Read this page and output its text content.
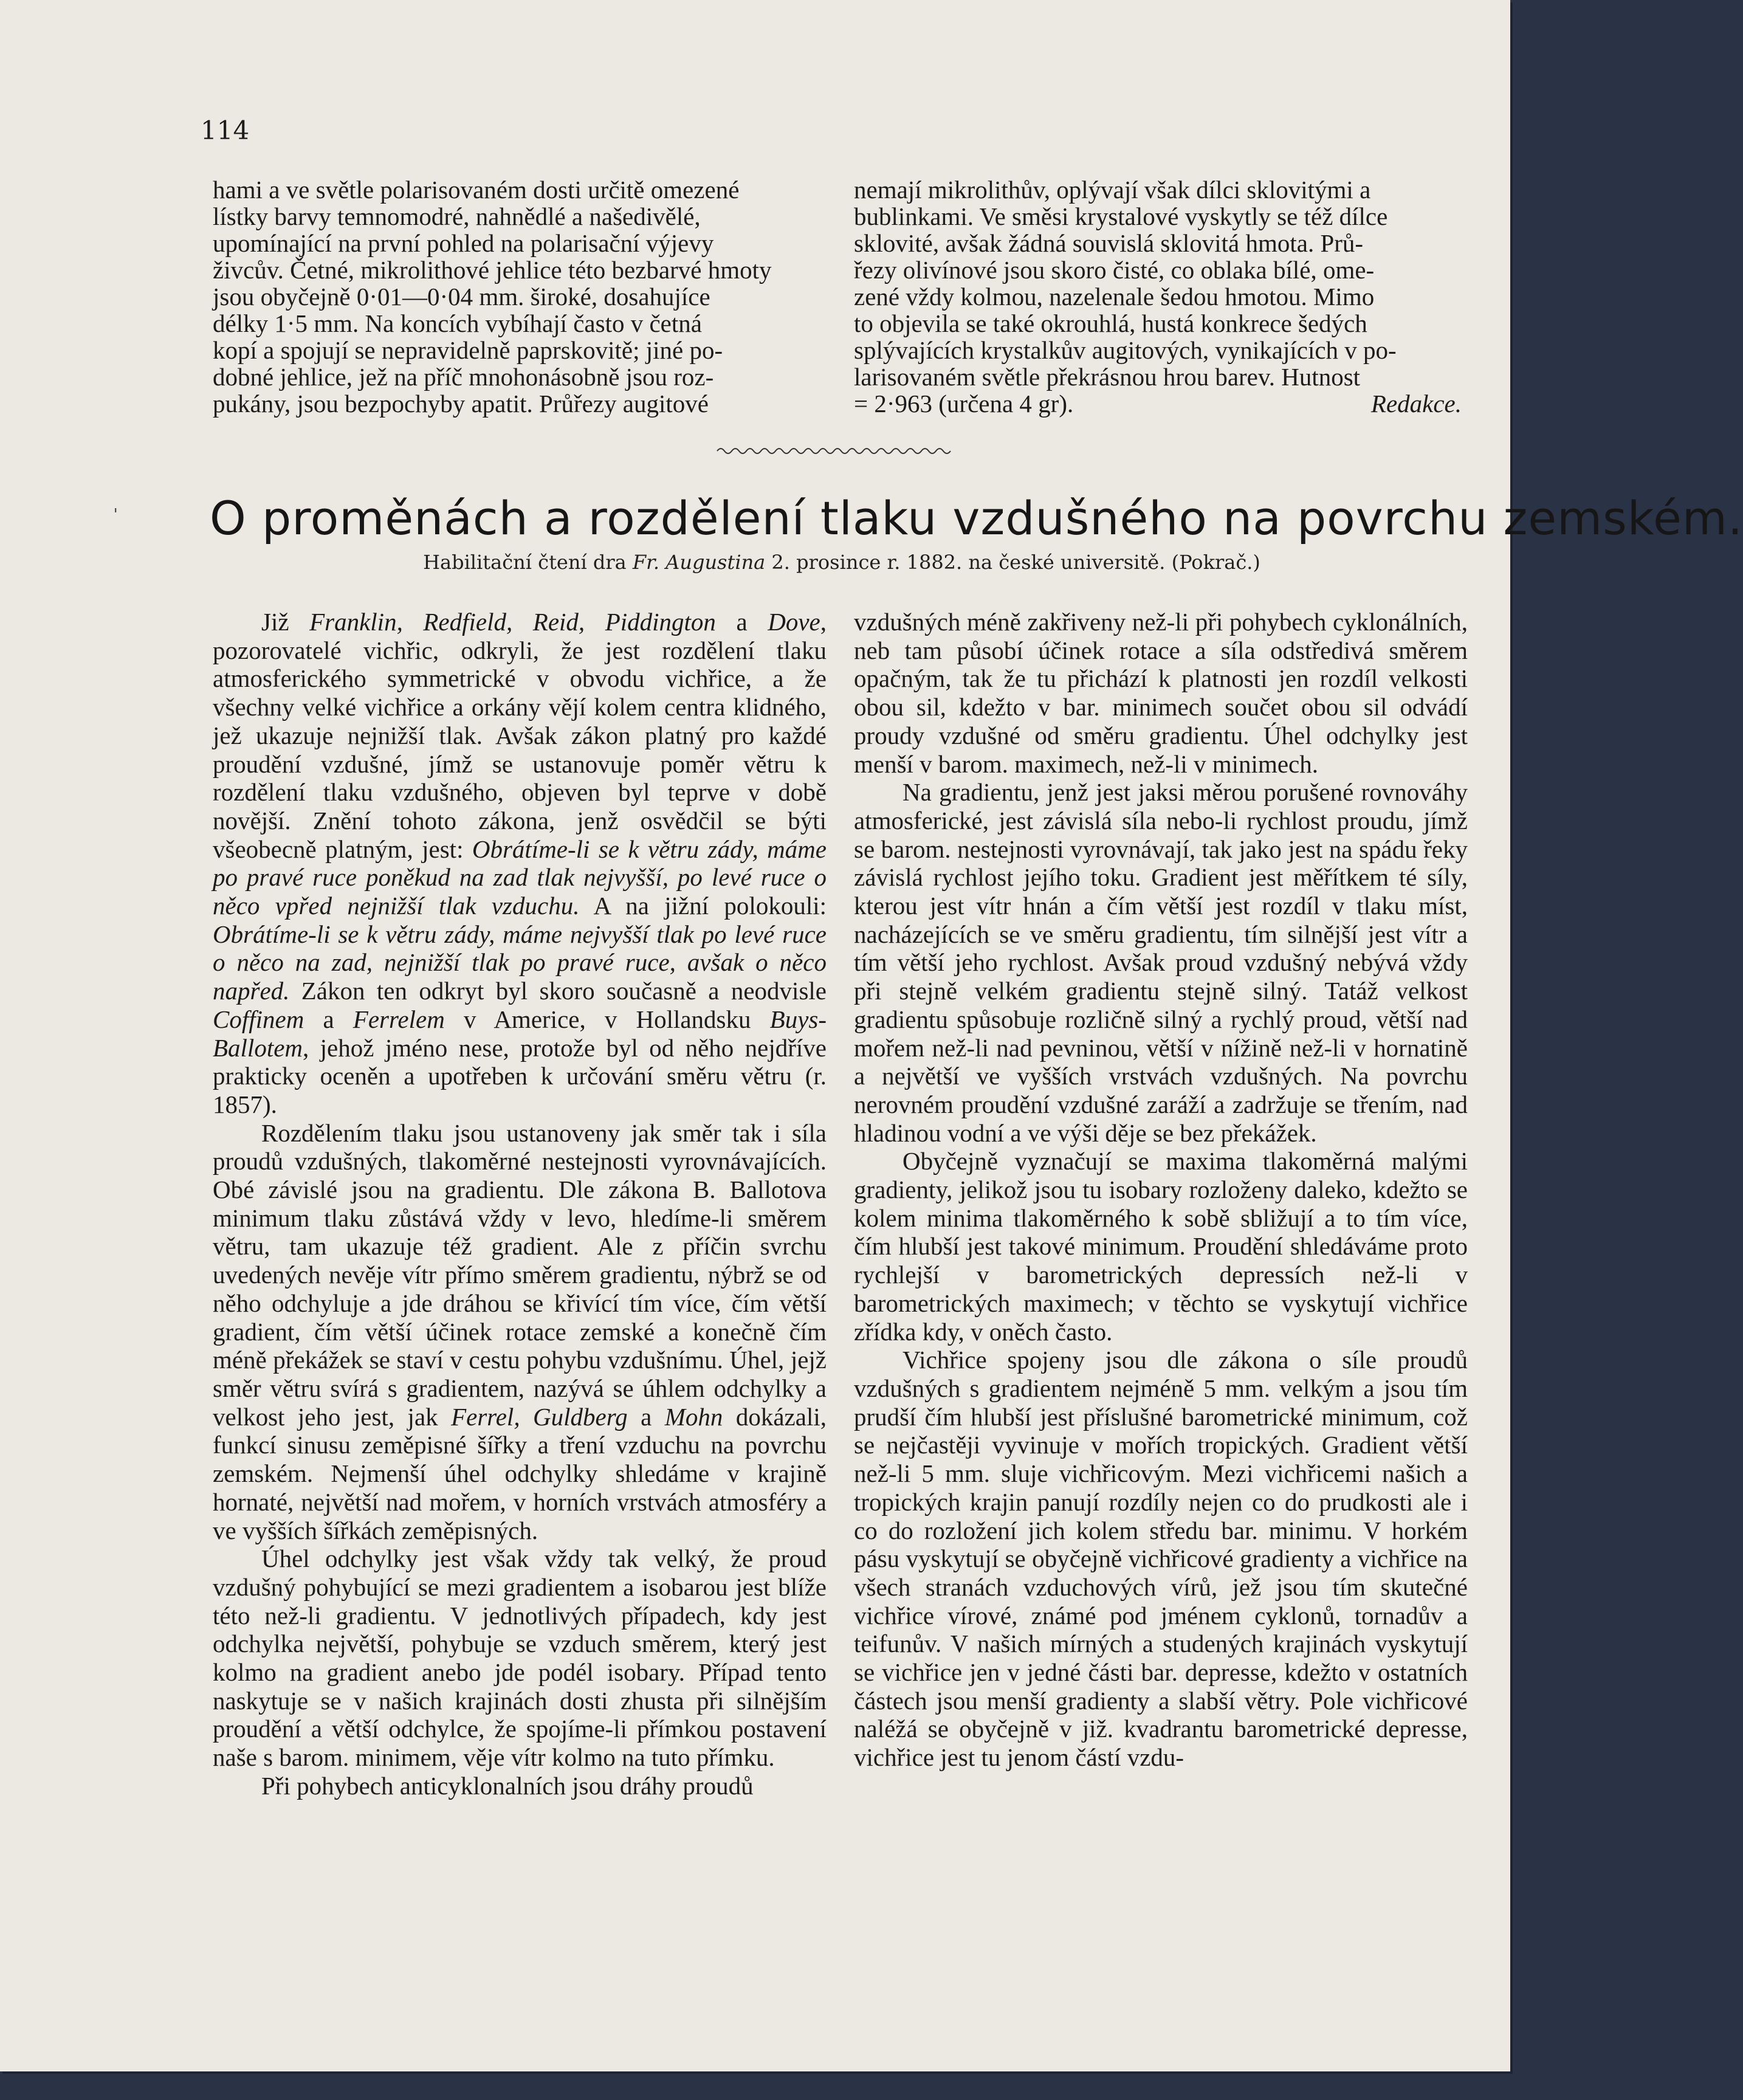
114

hami a ve světle polarisovaném dosti určitě omezené

lístky barvy temnomodré, nahnědlé a našedivělé,

upomínající na první pohled na polarisační výjevy

živcův. Četné, mikrolithové jehlice této bezbarvé hmoty

jsou obyčejně 0·01—0·04 mm. široké, dosahujíce

délky 1·5 mm. Na koncích vybíhají často v četná

kopí a spojují se nepravidelně paprskovitě; jiné po-

dobné jehlice, jež na příč mnohonásobně jsou roz-

pukány, jsou bezpochyby apatit. Průřezy augitové

nemají mikrolithův, oplývají však dílci sklovitými a

bublinkami. Ve směsi krystalové vyskytly se též dílce

sklovité, avšak žádná souvislá sklovitá hmota. Prů-

řezy olivínové jsou skoro čisté, co oblaka bílé, ome-

zené vždy kolmou, nazelenale šedou hmotou. Mimo

to objevila se také okrouhlá, hustá konkrece šedých

splývajících krystalkův augitových, vynikajících v po-

larisovaném světle překrásnou hrou barev. Hutnost

= 2·963 (určena 4 gr).	Redakce.

ˈ O proměnách a rozdělení tlaku vzdušného na povrchu zemském.
Habilitační čtení dra Fr. Augustina 2. prosince r. 1882. na české universitě. (Pokrač.)

Již Franklin, Redfield, Reid, Piddington a Dove, pozorovatelé vichřic, odkryli, že jest rozdělení tlaku atmosferického symmetrické v obvodu vichřice, a že všechny velké vichřice a orkány vějí kolem centra klidného, jež ukazuje nejnižší tlak. Avšak zákon platný pro každé proudění vzdušné, jímž se ustanovuje poměr větru k rozdělení tlaku vzdušného, objeven byl teprve v době novější. Znění tohoto zákona, jenž osvědčil se býti všeobecně platným, jest: Obrátíme-li se k větru zády, máme po pravé ruce poněkud na zad tlak nejvyšší, po levé ruce o něco vpřed nejnižší tlak vzduchu. A na jižní polokouli: Obrátíme-li se k větru zády, máme nejvyšší tlak po levé ruce o něco na zad, nejnižší tlak po pravé ruce, avšak o něco napřed. Zákon ten odkryt byl skoro současně a neodvisle Coffinem a Ferrelem v Americe, v Hollandsku Buys-Ballotem, jehož jméno nese, protože byl od něho nejdříve prakticky oceněn a upotřeben k určování směru větru (r. 1857).

Rozdělením tlaku jsou ustanoveny jak směr tak i síla proudů vzdušných, tlakoměrné nestejnosti vyrovnávajících. Obé závislé jsou na gradientu. Dle zákona B. Ballotova minimum tlaku zůstává vždy v levo, hledíme-li směrem větru, tam ukazuje též gradient. Ale z příčin svrchu uvedených nevěje vítr přímo směrem gradientu, nýbrž se od něho odchyluje a jde dráhou se křivící tím více, čím větší gradient, čím větší účinek rotace zemské a konečně čím méně překážek se staví v cestu pohybu vzdušnímu. Úhel, jejž směr větru svírá s gradientem, nazývá se úhlem odchylky a velkost jeho jest, jak Ferrel, Guldberg a Mohn dokázali, funkcí sinusu zeměpisné šířky a tření vzduchu na povrchu zemském. Nejmenší úhel odchylky shledáme v krajině hornaté, největší nad mořem, v horních vrstvách atmosféry a ve vyšších šířkách zeměpisných.

Úhel odchylky jest však vždy tak velký, že proud vzdušný pohybující se mezi gradientem a isobarou jest blíže této než-li gradientu. V jednotlivých případech, kdy jest odchylka největší, pohybuje se vzduch směrem, který jest kolmo na gradient anebo jde podél isobary. Případ tento naskytuje se v našich krajinách dosti zhusta při silnějším proudění a větší odchylce, že spojíme-li přímkou postavení naše s barom. minimem, věje vítr kolmo na tuto přímku.

Při pohybech anticyklonalních jsou dráhy proudů

vzdušných méně zakřiveny než-li při pohybech cyklonálních, neb tam působí účinek rotace a síla odstředivá směrem opačným, tak že tu přichází k platnosti jen rozdíl velkosti obou sil, kdežto v bar. minimech součet obou sil odvádí proudy vzdušné od směru gradientu. Úhel odchylky jest menší v barom. maximech, než-li v minimech.

Na gradientu, jenž jest jaksi měrou porušené rovnováhy atmosferické, jest závislá síla nebo-li rychlost proudu, jímž se barom. nestejnosti vyrovnávají, tak jako jest na spádu řeky závislá rychlost jejího toku. Gradient jest měřítkem té síly, kterou jest vítr hnán a čím větší jest rozdíl v tlaku míst, nacházejících se ve směru gradientu, tím silnější jest vítr a tím větší jeho rychlost. Avšak proud vzdušný nebývá vždy při stejně velkém gradientu stejně silný. Tatáž velkost gradientu spůsobuje rozličně silný a rychlý proud, větší nad mořem než-li nad pevninou, větší v nížině než-li v hornatině a největší ve vyšších vrstvách vzdušných. Na povrchu nerovném proudění vzdušné zaráží a zadržuje se třením, nad hladinou vodní a ve výši děje se bez překážek.

Obyčejně vyznačují se maxima tlakoměrná malými gradienty, jelikož jsou tu isobary rozloženy daleko, kdežto se kolem minima tlakoměrného k sobě sbližují a to tím více, čím hlubší jest takové minimum. Proudění shledáváme proto rychlejší v barometrických depressích než-li v barometrických maximech; v těchto se vyskytují vichřice zřídka kdy, v oněch často.

Vichřice spojeny jsou dle zákona o síle proudů vzdušných s gradientem nejméně 5 mm. velkým a jsou tím prudší čím hlubší jest příslušné barometrické minimum, což se nejčastěji vyvinuje v mořích tropických. Gradient větší než-li 5 mm. sluje vichřicovým. Mezi vichřicemi našich a tropických krajin panují rozdíly nejen co do prudkosti ale i co do rozložení jich kolem středu bar. minimu. V horkém pásu vyskytují se obyčejně vichřicové gradienty a vichřice na všech stranách vzduchových vírů, jež jsou tím skutečné vichřice vírové, známé pod jménem cyklonů, tornadův a teifunův. V našich mírných a studených krajinách vyskytují se vichřice jen v jedné části bar. depresse, kdežto v ostatních částech jsou menší gradienty a slabší větry. Pole vichřicové naléžá se obyčejně v již. kvadrantu barometrické depresse, vichřice jest tu jenom částí vzdu-
